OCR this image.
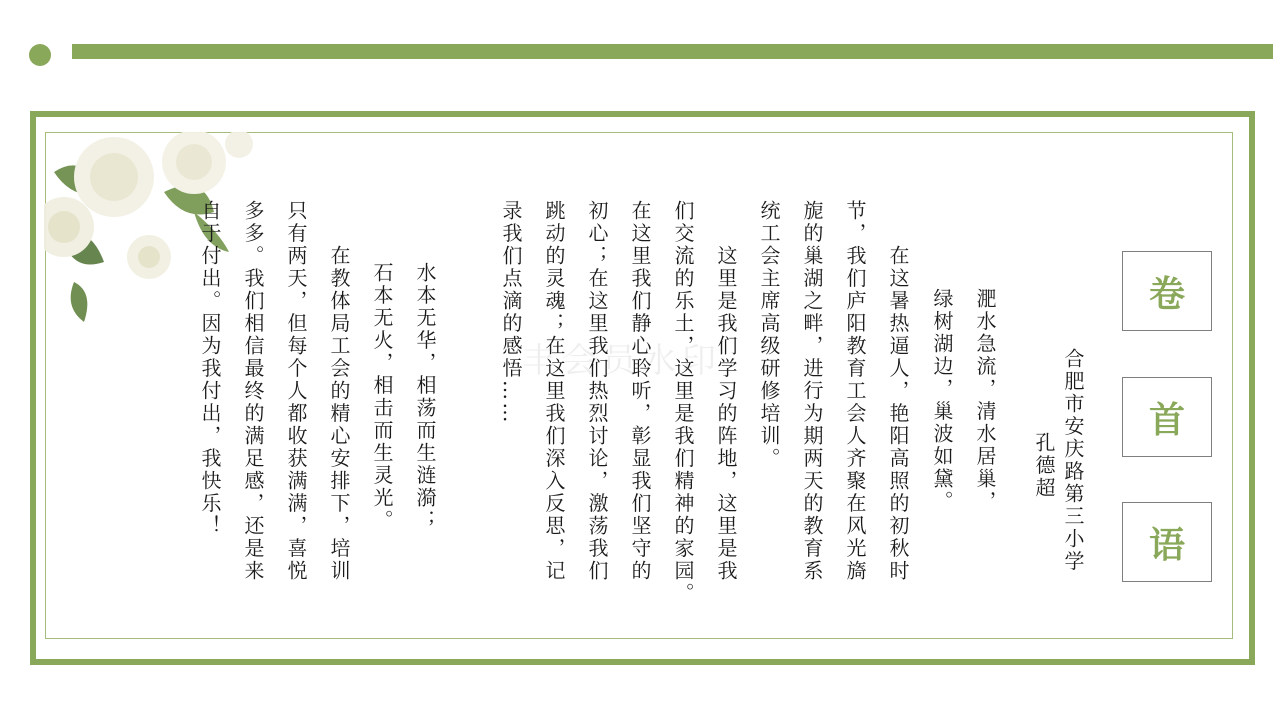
卷
首
语
合肥市安庆路第三小学
孔德超
淝水急流，清水居巢，
绿树湖边，巢波如黛。
在这暑热逼人，艳阳高照的初秋时
节，我们庐阳教育工会人齐聚在风光旖
旎的巢湖之畔，进行为期两天的教育系
统工会主席高级研修培训。
这里是我们学习的阵地，这里是我
们交流的乐土，这里是我们精神的家园。
在这里我们静心聆听，彰显我们坚守的
初心；在这里我们热烈讨论，激荡我们
跳动的灵魂；在这里我们深入反思，记
录我们点滴的感悟……
水本无华，相荡而生涟漪；
石本无火，相击而生灵光。
在教体局工会的精心安排下，培训
只有两天，但每个人都收获满满，喜悦
多多。我们相信最终的满足感，还是来
自于付出。因为我付出，我快乐！	丰会员水印
